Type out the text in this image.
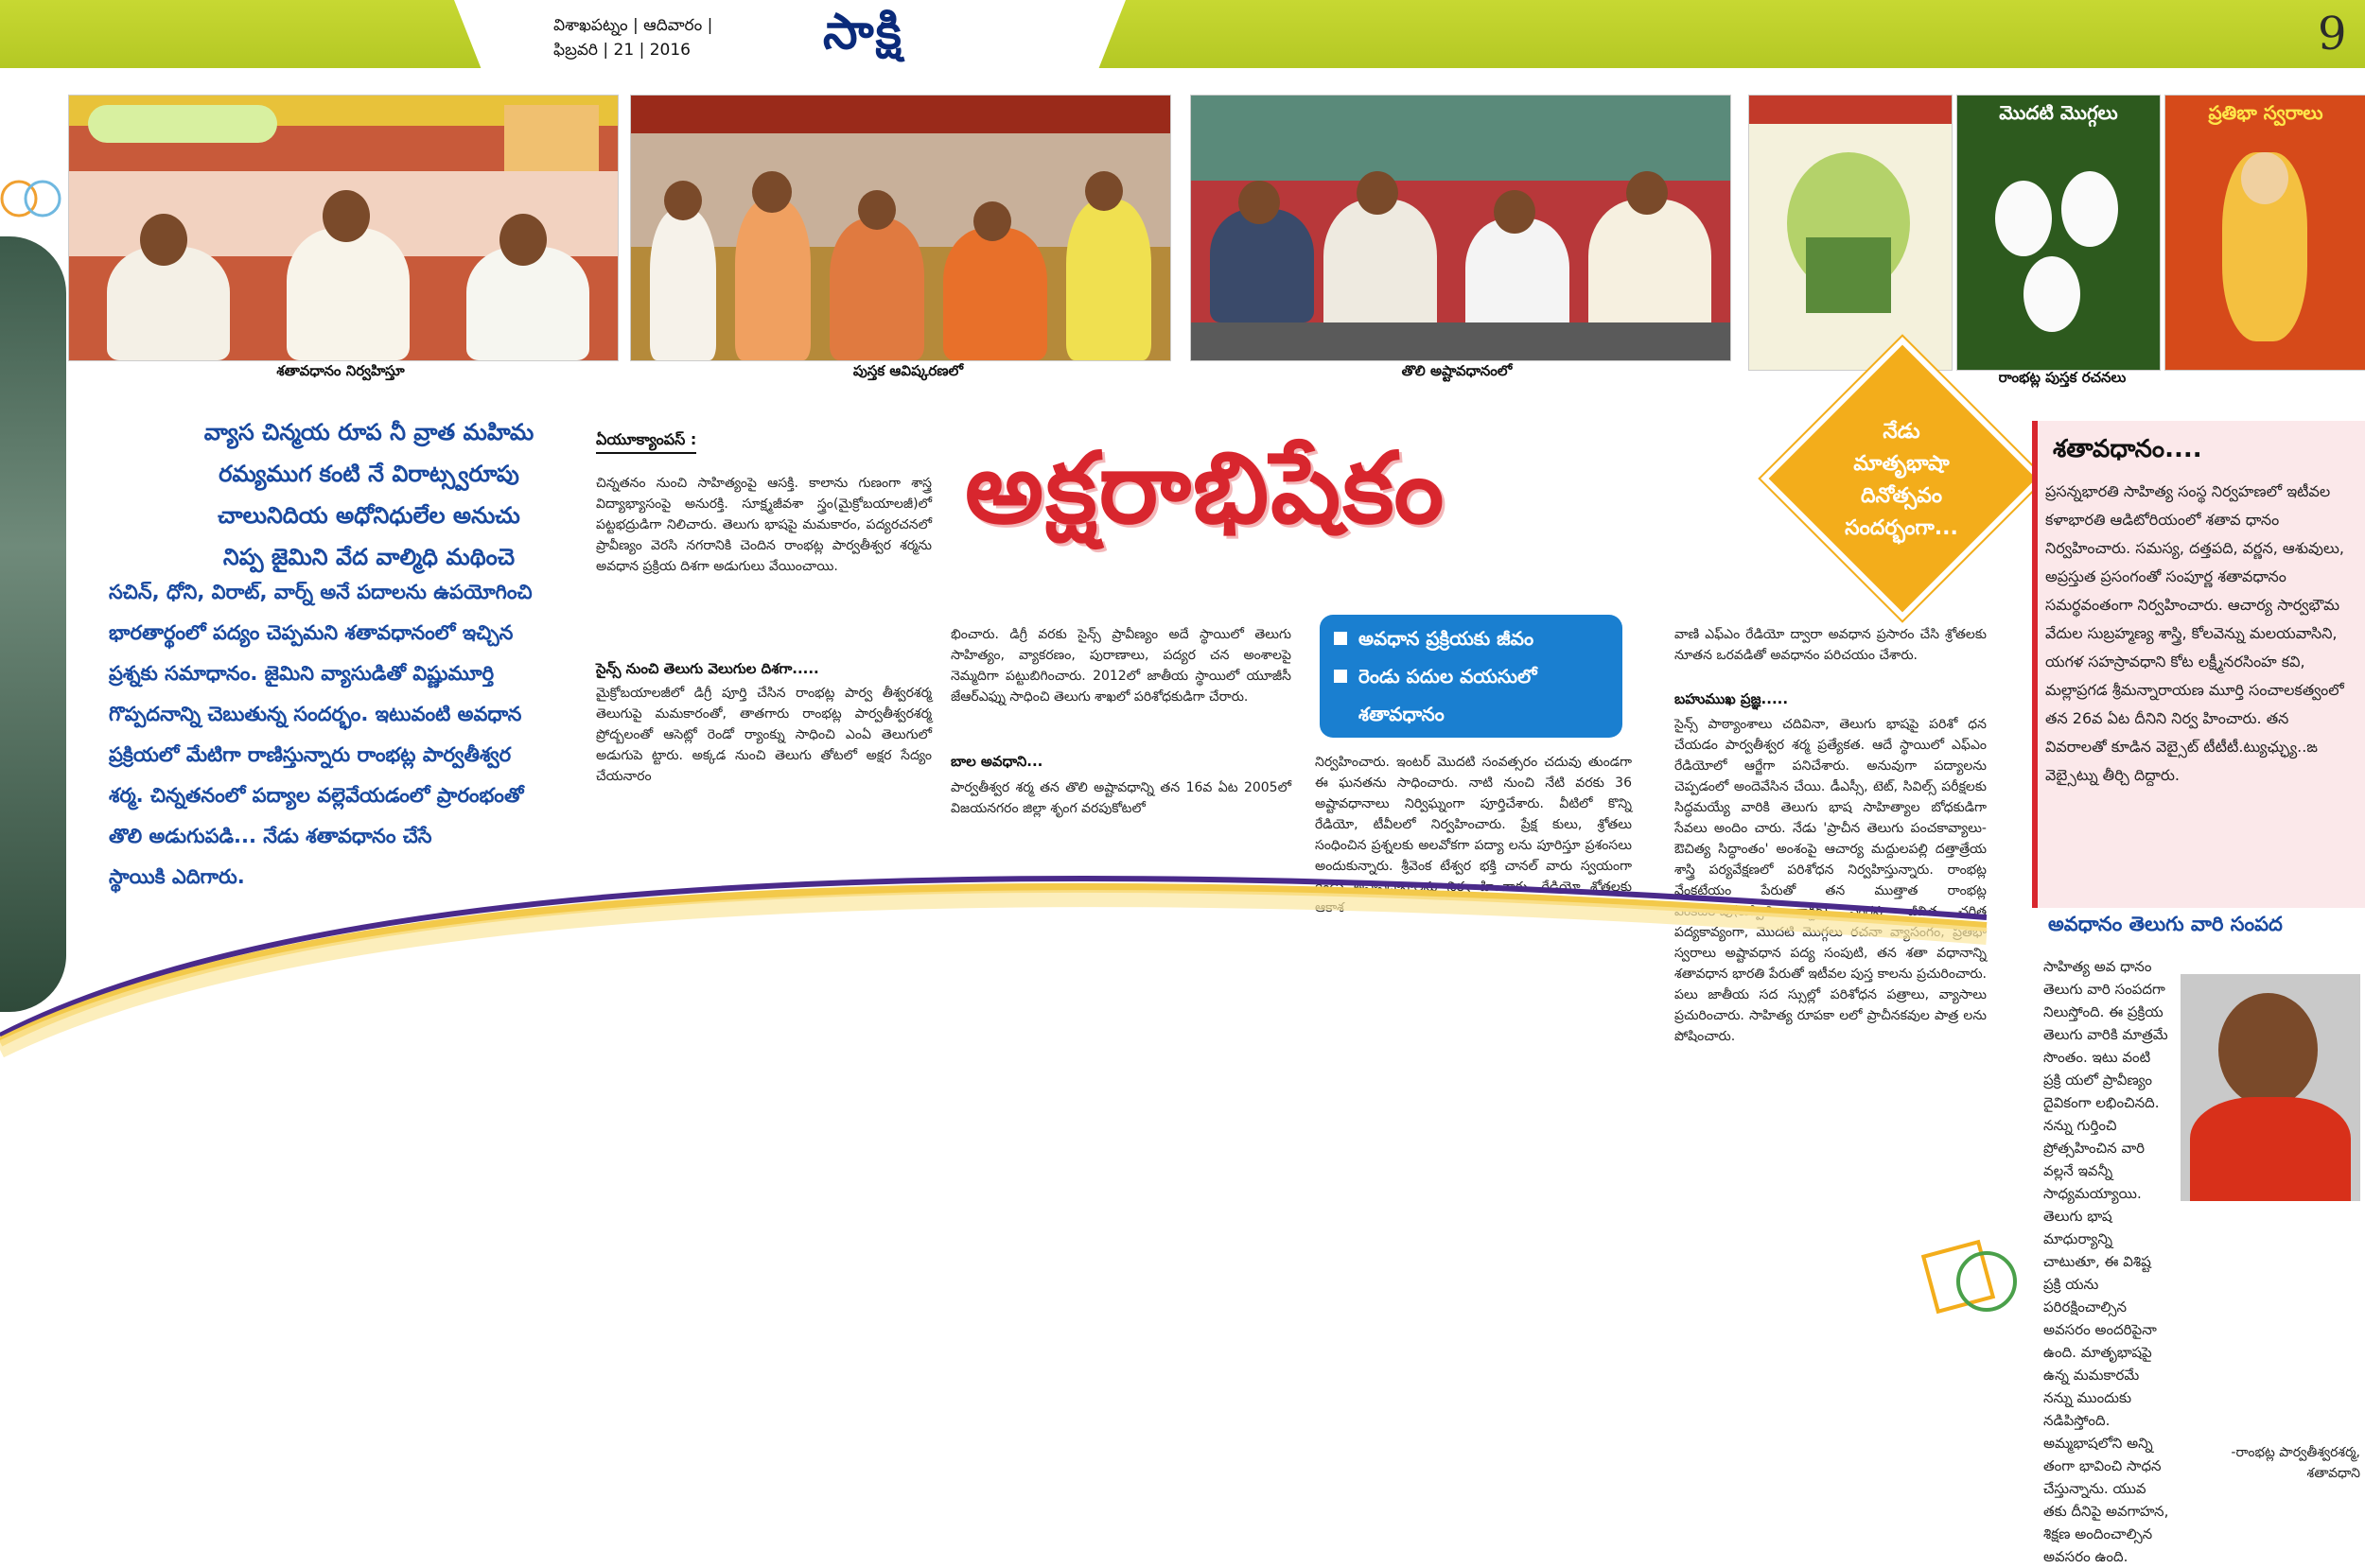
విశాఖపట్నం | ఆదివారం |
ఫిబ్రవరి | 21 | 2016	సాక్షి	9
శతావధానం నిర్వహిస్తూ	పుస్తక ఆవిష్కరణలో	తొలి అష్టావధానంలో
మొదటి మొగ్గలు	ప్రతిభా స్వరాలు
రాంభట్ల పుస్తక రచనలు
వ్యాస చిన్మయ రూప నీ వ్రాత మహిమ
రమ్యముగ కంటి నే విరాట్స్వరూపు
చాలునిదియ అధోనిధులేల అనుచు
నిప్ప జైమిని వేద వాల్మిధి మథించె
సచిన్, ధోని, విరాట్, వార్న్ అనే పదాలను ఉపయోగించి
భారతార్థంలో పద్యం చెప్పమని శతావధానంలో ఇచ్చిన
ప్రశ్నకు సమాధానం. జైమిని వ్యాసుడితో విష్ణుమూర్తి
గొప్పదనాన్ని చెబుతున్న సందర్భం. ఇటువంటి అవధాన
ప్రక్రియలో మేటిగా రాణిస్తున్నారు రాంభట్ల పార్వతీశ్వర
శర్మ. చిన్నతనంలో పద్యాల వల్లెవేయడంలో ప్రారంభంతో
తొలి అడుగుపడి... నేడు శతావధానం చేసే
స్థాయికి ఎదిగారు.
అక్షరాభిషేకం	నేడు
మాతృభాషా
దినోత్సవం
సందర్భంగా...
ఏయూక్యాంపస్ :
చిన్నతనం నుంచి సాహిత్యంపై ఆసక్తి. కాలాను గుణంగా శాస్త్ర విద్యాభ్యాసంపై అనురక్తి. సూక్ష్మజీవశా స్త్రం(మైక్రోబయాలజీ)లో పట్టభద్రుడిగా నిలిచారు. తెలుగు భాషపై మమకారం, పద్యరచనలో ప్రావీణ్యం వెరసి నగరానికి చెందిన రాంభట్ల పార్వతీశ్వర శర్మను అవధాన ప్రక్రియ దిశగా అడుగులు వేయించాయి.
సైన్స్ నుంచి తెలుగు వెలుగుల దిశగా.....
మైక్రోబయాలజీలో డిగ్రీ పూర్తి చేసిన రాంభట్ల పార్వ తీశ్వరశర్మ తెలుగుపై మమకారంతో, తాతగారు రాంభట్ల పార్వతీశ్వరశర్మ ప్రోద్బలంతో ఆసెట్లో రెండో ర్యాంక్ను సాధించి ఎంఏ తెలుగులో అడుగుపె ట్టారు. అక్కడ నుంచి తెలుగు తోటలో అక్షర సేద్యం చేయనారం
భించారు. డిగ్రీ వరకు సైన్స్ ప్రావీణ్యం అదే స్థాయిలో తెలుగు సాహిత్యం, వ్యాకరణం, పురాణాలు, పద్యర చన అంశాలపై నెమ్మదిగా పట్టుబిగించారు. 2012లో జాతీయ స్థాయిలో యూజీసీ జేఆర్ఎఫ్ను సాధించి తెలుగు శాఖలో పరిశోధకుడిగా చేరారు.
బాల అవధాని...
పార్వతీశ్వర శర్మ తన తొలి అష్టావధాన్ని తన 16వ ఏట 2005లో విజయనగరం జిల్లా శృంగ వరపుకోటలో
అవధాన ప్రక్రియకు జీవం
రెండు పదుల వయసులో
శతావధానం
నిర్వహించారు. ఇంటర్ మొదటి సంవత్సరం చదువు తుండగా ఈ ఘనతను సాధించారు. నాటి నుంచి నేటి వరకు 36 అష్టావధానాలు నిర్విఘ్నంగా పూర్తిచేశారు. వీటిలో కొన్ని రేడియో, టీవీలలో నిర్వహించారు. ప్రేక్ష కులు, శ్రోతలు సంధించిన ప్రశ్నలకు అలవోకగా పద్యా లను పూరిస్తూ ప్రశంసలు అందుకున్నారు. శ్రీవెంక టేశ్వర భక్తి చానల్ వారు స్వయంగా రెండు అష్టావధానాలను నిర్వ హించారు. రేడియో శ్రోతలకు ఆకాశ
వాణి ఎఫ్ఎం రేడియో ద్వారా అవధాన ప్రసారం చేసి శ్రోతలకు నూతన ఒరవడితో అవధానం పరిచయం చేశారు.
బహుముఖ ప్రజ్ఞ.....
సైన్స్ పాఠ్యాంశాలు చదివినా, తెలుగు భాషపై పరిశో ధన చేయడం పార్వతీశ్వర శర్మ ప్రత్యేకత. ఆదే స్థాయిలో ఎఫ్ఎం రేడియోలో ఆర్జేగా పనిచేశారు. అనువుగా పద్యాలను చెప్పడంలో అందెవేసిన చేయి. డీఎస్సీ, టెట్, సివిల్స్ పరీక్షలకు సిద్ధమయ్యే వారికి తెలుగు భాష సాహిత్యాల బోధకుడిగా సేవలు అందిం చారు. నేడు 'ప్రాచీన తెలుగు పంచకావ్యాలు- ఔచిత్య సిద్ధాంతం' అంశంపై ఆచార్య మద్దులపల్లి దత్తాత్రేయ శాస్త్రి పర్యవేక్షణలో పరిశోధన నిర్వహిస్తున్నారు. రాంభట్ల వేంకటేయం పేరుతో తన ముత్తాత రాంభట్ల వెంకటరావు(కుప్పిలి డాక్టర్) సంగ్రహ జీవిత చరిత్ర పద్యకావ్యంగా, మొదటి మొగ్గలు రచనా వ్యాసంగం, ప్రతిభా స్వరాలు అష్టావధాన పద్య సంపుటి, తన శతా వధానాన్ని శతావధాన భారతి పేరుతో ఇటీవల పుస్త కాలను ప్రచురించారు. పలు జాతీయ సద స్సుల్లో పరిశోధన పత్రాలు, వ్యాసాలు ప్రచురించారు. సాహిత్య రూపకా లలో ప్రాచీనకవుల పాత్ర లను పోషించారు.
శతావధానం....
ప్రసన్నభారతి సాహిత్య సంస్థ నిర్వహణలో ఇటీవల కళాభారతి ఆడిటోరియంలో శతావ ధానం నిర్వహించారు. సమస్య, దత్తపది, వర్ణన, ఆశువులు, అప్రస్తుత ప్రసంగంతో సంపూర్ణ శతావధానం సమర్థవంతంగా నిర్వహించారు. ఆచార్య సార్వభౌమ వేదుల సుబ్రహ్మణ్య శాస్త్రి, కోలవెన్ను మలయవాసిని, యగళ సహస్రావధాని కోట లక్ష్మీనరసింహ కవి, మల్లాప్రగడ శ్రీమన్నారాయణ మూర్తి సంచాలకత్వంలో తన 26వ ఏట దీనిని నిర్వ హించారు. తన వివరాలతో కూడిన వెబ్సైట్ టీటీటీ.ట్యుఛ్ఛ్యు..ఙ వెబ్సైట్ను తీర్చి దిద్దారు.
అవధానం తెలుగు వారి సంపద
సాహిత్య అవ ధానం తెలుగు వారి సంపదగా నిలుస్తోంది. ఈ ప్రక్రియ తెలుగు వారికి మాత్రమే సొంతం. ఇటు వంటి ప్రక్రి యలో ప్రావీణ్యం దైవికంగా లభించినది. నన్ను గుర్తించి ప్రోత్సహించిన వారి వల్లనే ఇవన్నీ సాధ్యమయ్యాయి. తెలుగు భాష మాధుర్యాన్ని చాటుతూ, ఈ విశిష్ట ప్రక్రి యను పరిరక్షించాల్సిన అవసరం అందరిపైనా ఉంది. మాతృభాషపై ఉన్న మమకారమే నన్ను ముందుకు నడిపిస్తోంది. అమ్మభాషలోని అన్ని తంగా భావించి సాధన చేస్తున్నాను. యువ తకు దీనిపై అవగాహన, శిక్షణ అందించాల్సిన అవసరం ఉంది.
-రాంభట్ల పార్వతీశ్వరశర్మ,
శతావధాని
